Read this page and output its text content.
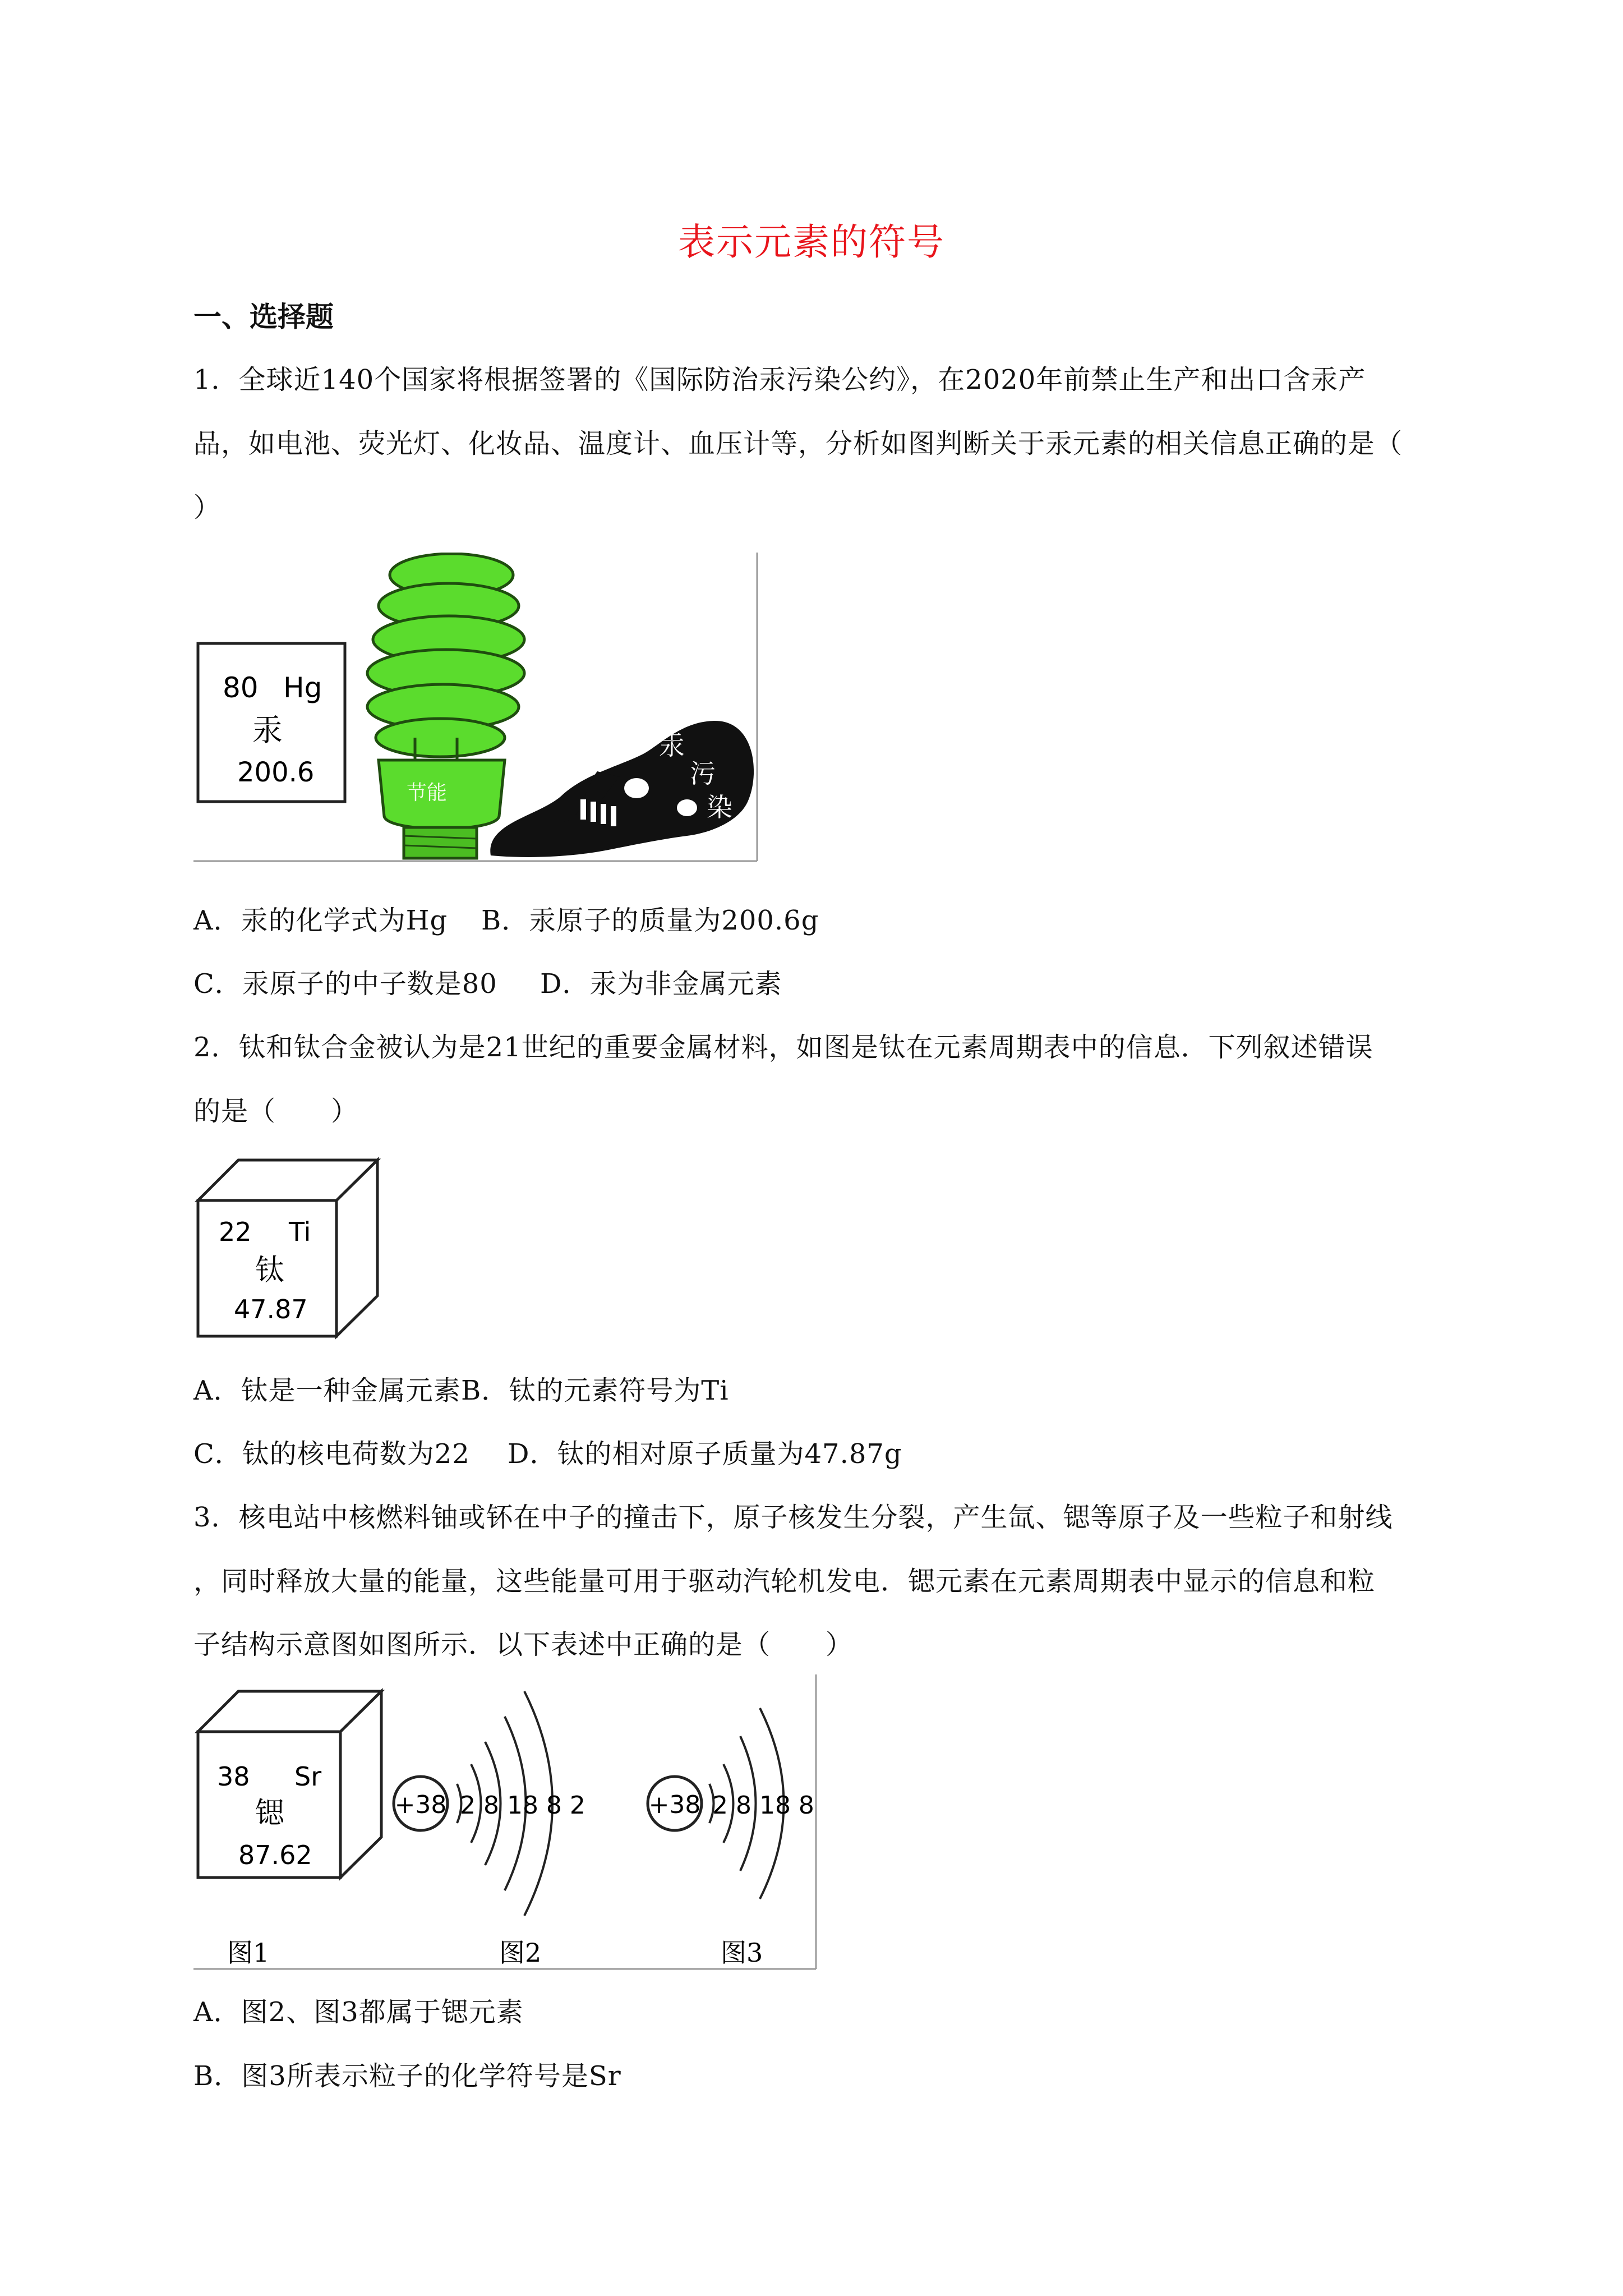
表示元素的符号
一、选择题
1．全球近140个国家将根据签署的《国际防治汞污染公约》，在2020年前禁止生产和出口含汞产
品，如电池、荧光灯、化妆品、温度计、血压计等，分析如图判断关于汞元素的相关信息正确的是（
）
80 Hg
汞
200.6
汞
污
染
节能
A．汞的化学式为Hg B．汞原子的质量为200.6g
C．汞原子的中子数是80 D．汞为非金属元素
2．钛和钛合金被认为是21世纪的重要金属材料，如图是钛在元素周期表中的信息．下列叙述错误
的是（　　）
22 Ti
钛
47.87
A．钛是一种金属元素 B．钛的元素符号为Ti
C．钛的核电荷数为22 D．钛的相对原子质量为47.87g
3．核电站中核燃料铀或钚在中子的撞击下，原子核发生分裂，产生氙、锶等原子及一些粒子和射线
，同时释放大量的能量，这些能量可用于驱动汽轮机发电．锶元素在元素周期表中显示的信息和粒
子结构示意图如图所示．以下表述中正确的是（　　）
38 Sr
锶
87.62
+38 2 8 18 8 2	+38 2 8 18 8
图1	图2	图3
A．图2、图3都属于锶元素
B．图3所表示粒子的化学符号是Sr
